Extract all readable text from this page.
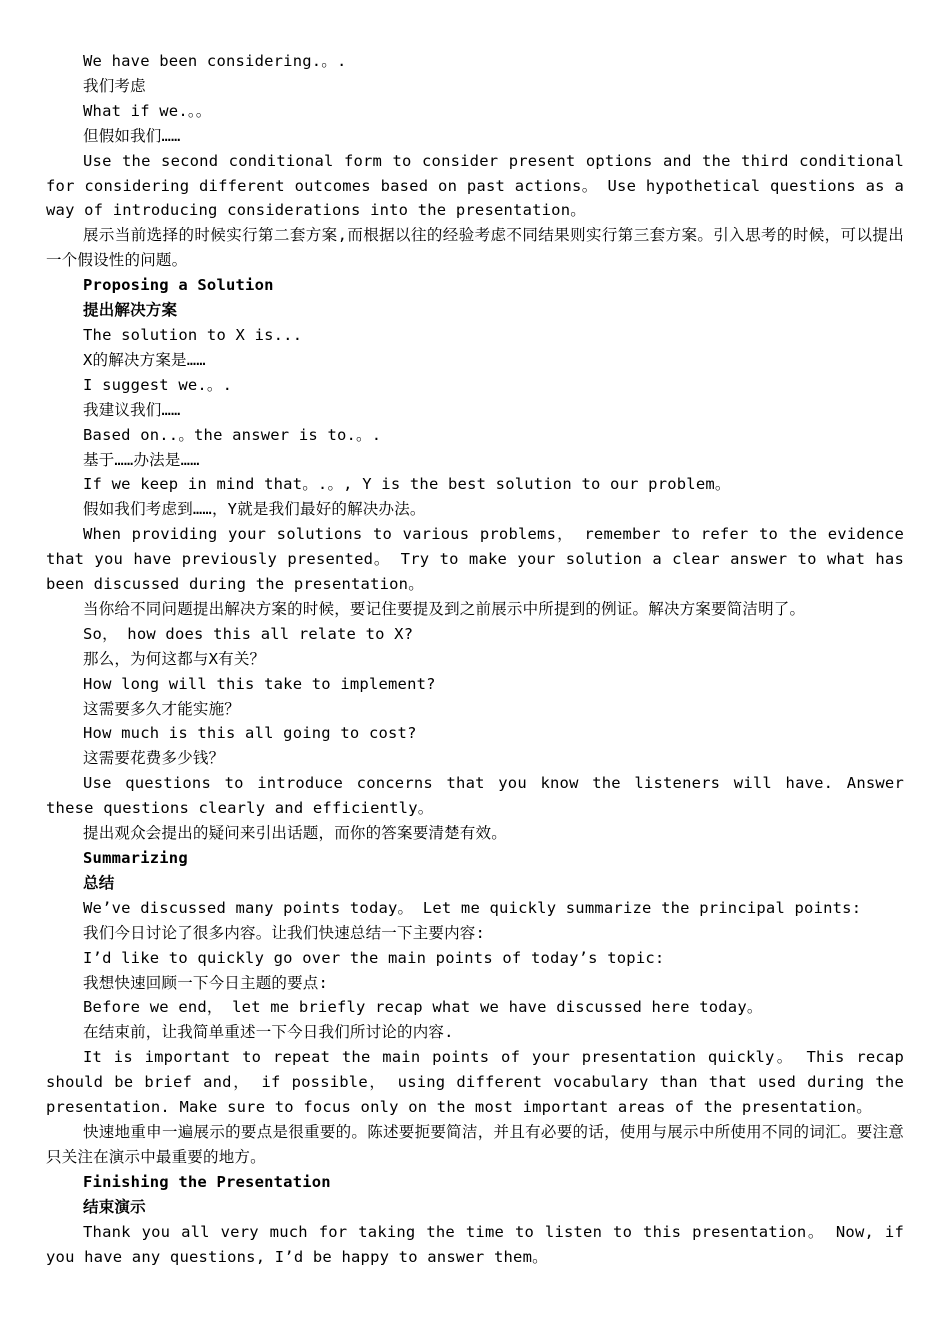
We have been considering.。.

我们考虑

What if we.。。

但假如我们……

Use the second conditional form to consider present options and the third conditional for considering different outcomes based on past actions。 Use hypothetical questions as a way of introducing considerations into the presentation。

展示当前选择的时候实行第二套方案,而根据以往的经验考虑不同结果则实行第三套方案。引入思考的时候，可以提出一个假设性的问题。

Proposing a Solution

提出解决方案

The solution to X is...

X的解决方案是……

I suggest we.。.

我建议我们……

Based on..。the answer is to.。.

基于……办法是……

If we keep in mind that。.。, Y is the best solution to our problem。

假如我们考虑到……，Y就是我们最好的解决办法。

When providing your solutions to various problems， remember to refer to the evidence that you have previously presented。 Try to make your solution a clear answer to what has been discussed during the presentation。

当你给不同问题提出解决方案的时候，要记住要提及到之前展示中所提到的例证。解决方案要简洁明了。

So， how does this all relate to X?

那么，为何这都与X有关？

How long will this take to implement?

这需要多久才能实施？

How much is this all going to cost?

这需要花费多少钱？

Use questions to introduce concerns that you know the listeners will have. Answer these questions clearly and efficiently。

提出观众会提出的疑问来引出话题，而你的答案要清楚有效。

Summarizing

总结

We’ve discussed many points today。 Let me quickly summarize the principal points:

我们今日讨论了很多内容。让我们快速总结一下主要内容:

I’d like to quickly go over the main points of today’s topic:

我想快速回顾一下今日主题的要点:

Before we end， let me briefly recap what we have discussed here today。

在结束前，让我简单重述一下今日我们所讨论的内容.

It is important to repeat the main points of your presentation quickly。 This recap should be brief and， if possible， using different vocabulary than that used during the presentation. Make sure to focus only on the most important areas of the presentation。

快速地重申一遍展示的要点是很重要的。陈述要扼要简洁，并且有必要的话，使用与展示中所使用不同的词汇。要注意只关注在演示中最重要的地方。

Finishing the Presentation

结束演示

Thank you all very much for taking the time to listen to this presentation。 Now, if you have any questions, I’d be happy to answer them。
